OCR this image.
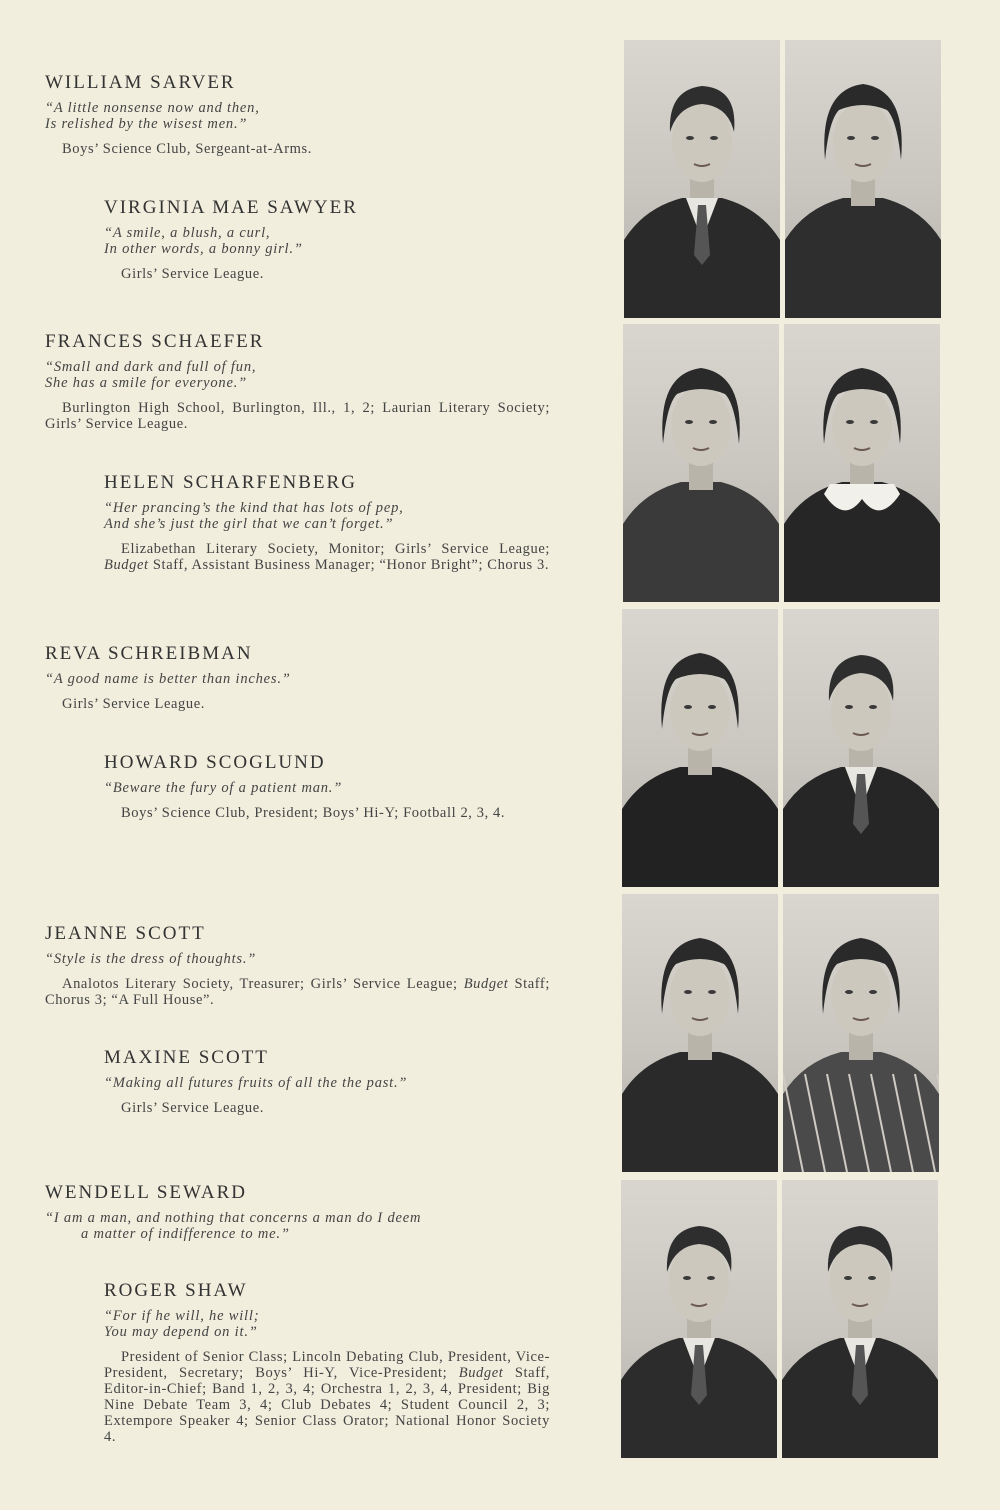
WILLIAM SARVER
“A little nonsense now and then,
Is relished by the wisest men.”
Boys’ Science Club, Sergeant-at-Arms.
VIRGINIA MAE SAWYER
“A smile, a blush, a curl,
In other words, a bonny girl.”
Girls’ Service League.
FRANCES SCHAEFER
“Small and dark and full of fun,
She has a smile for everyone.”
Burlington High School, Burlington, Ill., 1, 2; Laurian Literary Society; Girls’ Service League.
HELEN SCHARFENBERG
“Her prancing’s the kind that has lots of pep,
And she’s just the girl that we can’t forget.”
Elizabethan Literary Society, Monitor; Girls’ Service League; Budget Staff, Assistant Business Manager; “Honor Bright”; Chorus 3.
REVA SCHREIBMAN
“A good name is better than inches.”
Girls’ Service League.
HOWARD SCOGLUND
“Beware the fury of a patient man.”
Boys’ Science Club, President; Boys’ Hi-Y; Football 2, 3, 4.
JEANNE SCOTT
“Style is the dress of thoughts.”
Analotos Literary Society, Treasurer; Girls’ Service League; Budget Staff; Chorus 3; “A Full House”.
MAXINE SCOTT
“Making all futures fruits of all the the past.”
Girls’ Service League.
WENDELL SEWARD
“I am a man, and nothing that concerns a man do I deem
a matter of indifference to me.”
ROGER SHAW
“For if he will, he will;
You may depend on it.”
President of Senior Class; Lincoln Debating Club, President, Vice-President, Secretary; Boys’ Hi-Y, Vice-President; Budget Staff, Editor-in-Chief; Band 1, 2, 3, 4; Orchestra 1, 2, 3, 4, President; Big Nine Debate Team 3, 4; Club Debates 4; Student Council 2, 3; Extempore Speaker 4; Senior Class Orator; National Honor Society 4.
